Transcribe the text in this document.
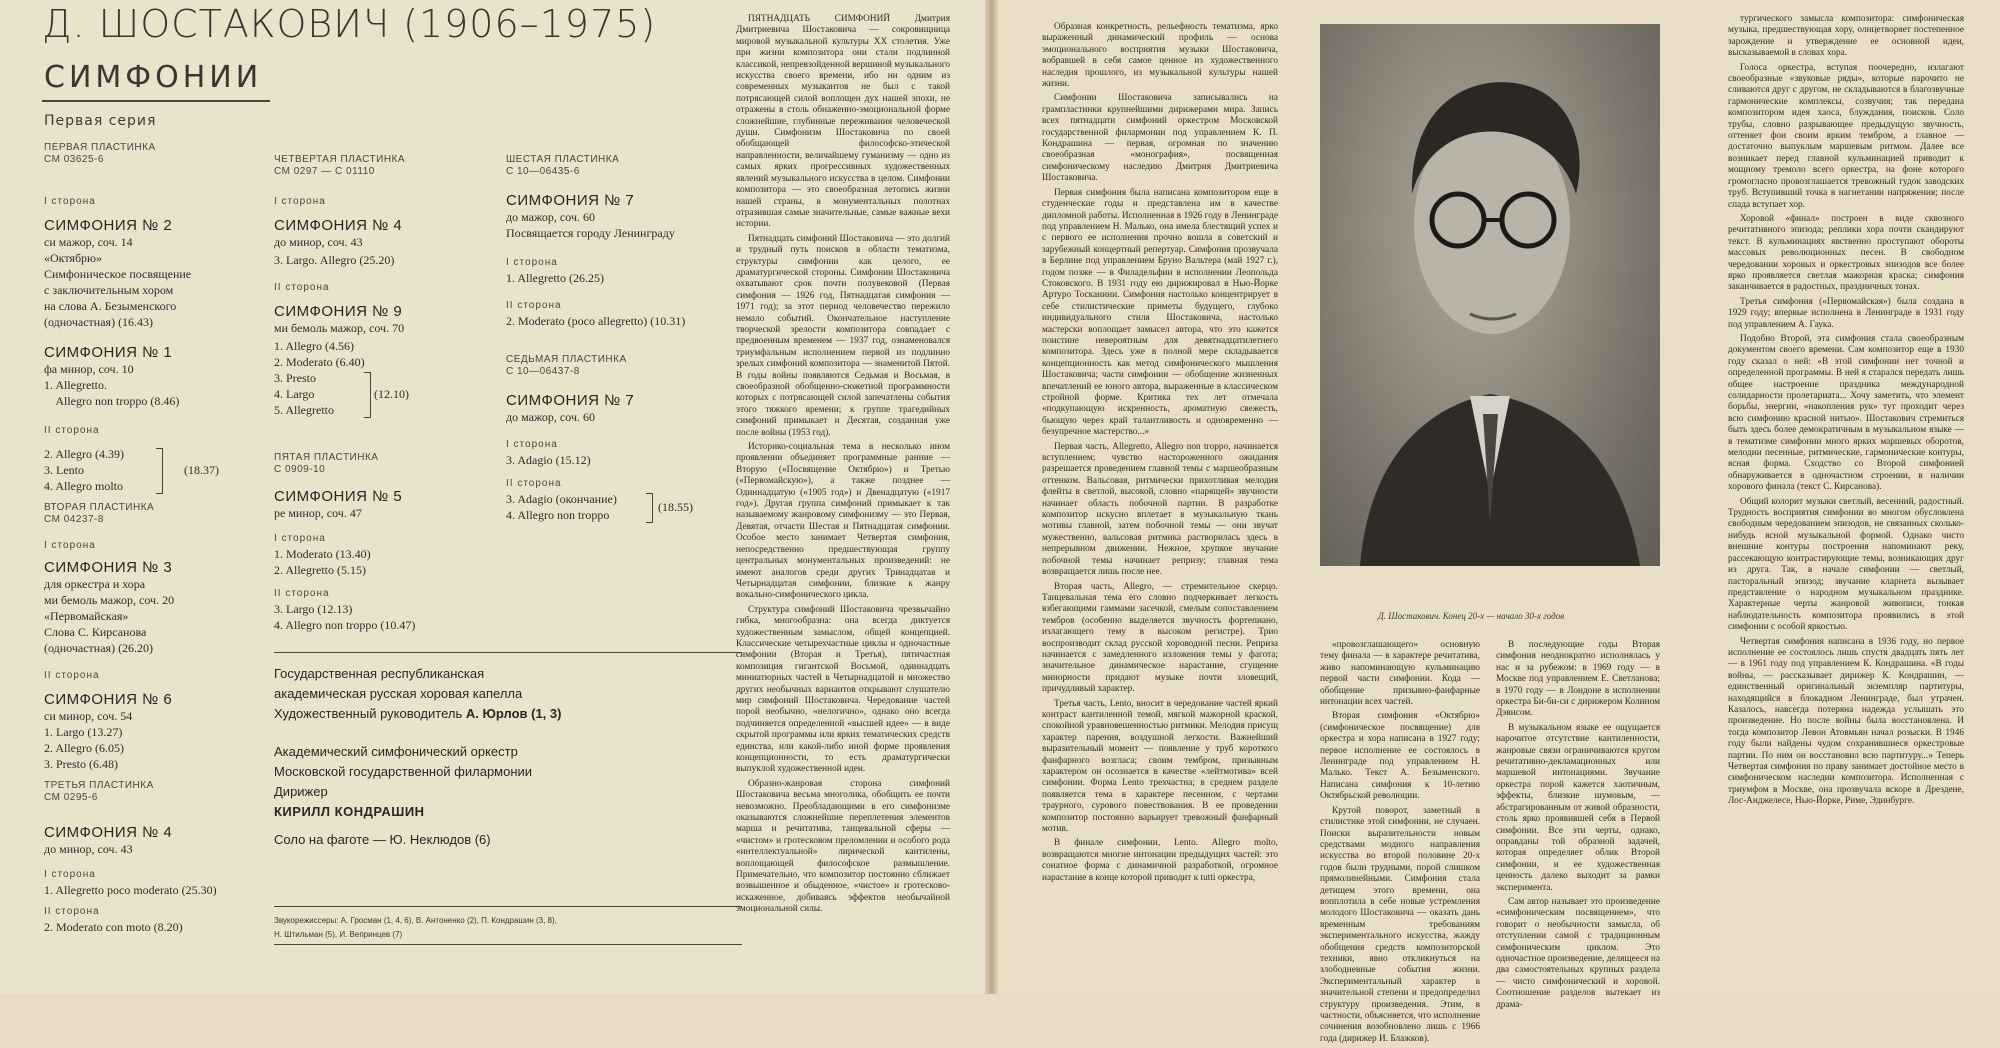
Д. ШОСТАКОВИЧ (1906–1975)
СИМФОНИИ
Первая серия
ПЕРВАЯ ПЛАСТИНКА
СМ 03625-6
I сторона
СИМФОНИЯ № 2
си мажор, соч. 14
«Октябрю»
Симфоническое посвящение
с заключительным хором
на слова А. Безыменского
(одночастная) (16.43)
СИМФОНИЯ № 1
фа минор, соч. 10
1. Allegretto.
Allegro non troppo (8.46)
II сторона
2. Allegro (4.39)
3. Lento
4. Allegro molto
(18.37)
ВТОРАЯ ПЛАСТИНКА
СМ 04237-8
I сторона
СИМФОНИЯ № 3
для оркестра и хора
ми бемоль мажор, соч. 20
«Первомайская»
Слова С. Кирсанова
(одночастная) (26.20)
II сторона
СИМФОНИЯ № 6
си минор, соч. 54
1. Largo (13.27)
2. Allegro (6.05)
3. Presto (6.48)
ТРЕТЬЯ ПЛАСТИНКА
СМ 0295-6
СИМФОНИЯ № 4
до минор, соч. 43
I сторона
1. Allegretto poco moderato (25.30)
II сторона
2. Moderato con moto (8.20)
ЧЕТВЕРТАЯ ПЛАСТИНКА
СМ 0297 — С 01110
I сторона
СИМФОНИЯ № 4
до минор, соч. 43
3. Largo. Allegro (25.20)
II сторона
СИМФОНИЯ № 9
ми бемоль мажор, соч. 70
1. Allegro (4.56)
2. Moderato (6.40)
3. Presto
4. Largo
5. Allegretto
(12.10)
ПЯТАЯ ПЛАСТИНКА
С 0909-10
СИМФОНИЯ № 5
ре минор, соч. 47
I сторона
1. Moderato (13.40)
2. Allegretto (5.15)
II сторона
3. Largo (12.13)
4. Allegro non troppo (10.47)
ШЕСТАЯ ПЛАСТИНКА
С 10—06435-6
СИМФОНИЯ № 7
до мажор, соч. 60
Посвящается городу Ленинграду
I сторона
1. Allegretto (26.25)
II сторона
2. Moderato (poco allegretto) (10.31)
СЕДЬМАЯ ПЛАСТИНКА
С 10—06437-8
СИМФОНИЯ № 7
до мажор, соч. 60
I сторона
3. Adagio (15.12)
II сторона
3. Adagio (окончание)
4. Allegro non troppo
(18.55)
Государственная республиканская
академическая русская хоровая капелла
Художественный руководитель А. Юрлов (1, 3)
Академический симфонический оркестр
Московской государственной филармонии
Дирижер
КИРИЛЛ КОНДРАШИН
Соло на фаготе — Ю. Неклюдов (6)
Звукорежиссеры: А. Гросман (1, 4, 6), В. Антоненко (2), П. Кондрашин (3, 8),
Н. Штильман (5), И. Вепринцев (7)

ПЯТНАДЦАТЬ СИМФОНИЙ Дмитрия Дмитриевича Шостаковича — сокровищница мировой музыкальной культуры XX столетия. Уже при жизни композитора они стали подлинной классикой, непревзойденной вершиной музыкального искусства своего времени, ибо ни одним из современных музыкантов не был с такой потрясающей силой воплощен дух нашей эпохи, не отражены в столь обнаженно-эмоциональной форме сложнейшие, глубинные переживания человеческой души. Симфонизм Шостаковича по своей обобщающей философско-этической направленности, величайшему гуманизму — одно из самых ярких прогрессивных художественных явлений музыкального искусства в целом. Симфонии композитора — это своеобразная летопись жизни нашей страны, в монументальных полотнах отразившая самые значительные, самые важные вехи истории.

Пятнадцать симфоний Шостаковича — это долгий и трудный путь поисков в области тематизма, структуры симфонии как целого, ее драматургической стороны. Симфонии Шостаковича охватывают срок почти полувековой (Первая симфония — 1926 год, Пятнадцатая симфония — 1971 год); за этот период человечество пережило немало событий. Окончательное наступление творческой зрелости композитора совпадает с предвоенным временем — 1937 год, ознаменовался триумфальным исполнением первой из подлинно зрелых симфоний композитора — знаменитой Пятой. В годы войны появляются Седьмая и Восьмая, в своеобразной обобщенно-сюжетной программности которых с потрясающей силой запечатлены события этого тяжкого времени; к группе трагедийных симфоний примыкает и Десятая, созданная уже после войны (1953 год).

Историко-социальная тема в несколько ином проявлении объединяет программные ранние — Вторую («Посвящение Октябрю») и Третью («Первомайскую»), а также позднее — Одиннадцатую («1905 год») и Двенадцатую («1917 год»). Другая группа симфоний примыкает к так называемому жанровому симфонизму — это Первая, Девятая, отчасти Шестая и Пятнадцатая симфонии. Особое место занимает Четвертая симфония, непосредственно предшествующая группу центральных монументальных произведений: не имеют аналогов среди других Тринадцатая и Четырнадцатая симфонии, близкие к жанру вокально-симфонического цикла.

Структура симфоний Шостаковича чрезвычайно гибка, многообразна: она всегда диктуется художественным замыслом, общей концепцией. Классические четырехчастные циклы и одночастные симфонии (Вторая и Третья), пятичастная композиция гигантской Восьмой, одиннадцать миниатюрных частей в Четырнадцатой и множество других необычных вариантов открывают слушателю мир симфоний Шостаковича. Чередование частей порой необычно, «нелогично», однако оно всегда подчиняется определенной «высшей идее» — в виде скрытой программы или ярких тематических средств единства, или какой-либо иной форме проявления концепционности, то есть драматургически выпуклой художественной идеи.

Образно-жанровая сторона симфоний Шостаковича весьма многолика, обобщить ее почти невозможно. Преобладающими в его симфонизме оказываются сложнейшие переплетения элементов марша и речитатива, танцевальной сферы — «чистом» и гротесковом преломлении и особого рода «интеллектуальной» лирической кантилены, воплощающей философское размышление. Примечательно, что композитор постоянно сближает возвышенное и обыденное, «чистое» и гротесково-искаженное, добиваясь эффектов необычайной эмоциональной силы.

Образная конкретность, рельефность тематизма, ярко выраженный динамический профиль — основа эмоционального восприятия музыки Шостаковича, вобравшей в себя самое ценное из художественного наследия прошлого, из музыкальной культуры нашей жизни.

Симфонии Шостаковича записывались на грампластинки крупнейшими дирижерами мира. Запись всех пятнадцати симфоний оркестром Московской государственной филармонии под управлением К. П. Кондрашина — первая, огромная по значению своеобразная «монография», посвященная симфоническому наследию Дмитрия Дмитриевича Шостаковича.

Первая симфония была написана композитором еще в студенческие годы и представлена им в качестве дипломной работы. Исполненная в 1926 году в Ленинграде под управлением Н. Малько, она имела блестящий успех и с первого ее исполнения прочно вошла в советский и зарубежный концертный репертуар. Симфония прозвучала в Берлине под управлением Бруно Вальтера (май 1927 г.), годом позже — в Филадельфии в исполнении Леопольда Стоковского. В 1931 году ею дирижировал в Нью-Йорке Артуро Тосканини. Симфония настолько концентрирует в себе стилистические приметы будущего, глубоко индивидуального стиля Шостаковича, настолько мастерски воплощает замысел автора, что это кажется поистине невероятным для девятнадцатилетнего композитора. Здесь уже в полной мере складывается концепционность как метод симфонического мышления Шостаковича; части симфонии — обобщение жизненных впечатлений ее юного автора, выраженные в классическом стройной форме. Критика тех лет отмечала «подкупающую искренность, ароматную свежесть, бьющую через край талантливость и одновременно — безупречное мастерство...»

Первая часть, Allegretto, Allegro non troppo, начинается вступлением; чувство настороженного ожидания разрешается проведением главной темы с маршеобразным оттенком. Вальсовая, ритмически прихотливая мелодия флейты в светлой, высокой, словно «парящей» звучности начинает область побочной партии. В разработке композитор искусно вплетает в музыкальную ткань мотивы главной, затем побочной темы — они звучат мужественно, вальсовая ритмика растворилась здесь в непрерывном движении. Нежное, хрупкое звучание побочной темы начинает репризу; главная тема возвращается лишь после нее.

Вторая часть, Allegro, — стремительное скерцо. Танцевальная тема его словно подчеркивает легкость взбегающими гаммами засечкой, смелым сопоставлением тембров (особенно выделяется звучность фортепиано, излагающего тему в высоком регистре). Трио воспроизводит склад русской хороводной песни. Реприза начинается с замедленного изложения темы у фагота; значительное динамическое нарастание, сгущение минорности придают музыке почти зловещий, причудливый характер.

Третья часть, Lento, вносит в чередование частей яркий контраст кантиленной темой, мягкой мажорной краской, спокойной уравновешенностью ритмики. Мелодия присущ характер парения, воздушной легкости. Важнейший выразительный момент — появление у труб короткого фанфарного возгласа; своим тембром, призывным характером он осознается в качестве «лейтмотива» всей симфонии. Форма Lento трехчастна; в среднем разделе появляется тема в характере песенном, с чертами траурного, сурового повествования. В ее проведении композитор постоянно варьирует тревожный фанфарный мотив.

В финале симфонии, Lento. Allegro molto, возвращаются многие интонации предыдущих частей: это сонатное форма с динамичной разработкой, огромное нарастание в конце которой приводит к tutti оркестра,

Д. Шостакович. Конец 20-х — начало 30-х годов

«провозглашающего» основную тему финала — в характере речитатива, живо напоминающую кульминацию первой части симфонии. Кода — обобщение призывно-фанфарные интонации всех частей.

Вторая симфония «Октябрю» (симфоническое посвящение) для оркестра и хора написана в 1927 году; первое исполнение ее состоялось в Ленинграде под управлением Н. Малько. Текст А. Безыменского. Написана симфония к 10-летию Октябрьской революции.

Крутой поворот, заметный в стилистике этой симфонии, не случаен. Поиски выразительности новым средствами модного направления искусства во второй половине 20-х годов были трудными, порой слишком прямолинейными. Симфония стала детищем этого времени, она вопплотила в себе новые устремления молодого Шостаковича — оказать дань временным требованиям экспериментального искусства, жажду обобщения средств композиторской техники, явно откликнуться на злободневные события жизни. Экспериментальный характер в значительной степени и предопределил структуру произведения. Этим, в частности, объясняется, что исполнение сочинения возобновлено лишь с 1966 года (дирижер И. Блажков).

В последующие годы Вторая симфония неоднократно исполнялась у нас и за рубежом: в 1969 году — в Москве под управлением Е. Светланова; в 1970 году — в Лондоне в исполнении оркестра Би-би-си с дирижером Колином Дэвисом.

В музыкальном языке ее ощущается нарочитое отсутствие кантиленности, жанровые связи ограничиваются кругом речитативно-декламационных или маршевой интонациями. Звучание оркестра порой кажется хаотичным, эффекты, близкие шумовым, — абстрагированным от живой образности, столь ярко проявившей себя в Первой симфонии. Все эти черты, однако, оправданы той образной задачей, которая определяет облик Второй симфонии, и ее художественная ценность далеко выходит за рамки эксперимента.

Сам автор называет это произведение «симфоническим посвящением», что говорит о необычности замысла, об отступлении самой с традиционным симфоническим циклом. Это одночастное произведение, делящееся на два самостоятельных крупных раздела — чисто симфонический и хоровой. Соотношение разделов вытекает из драма-

тургического замысла композитора: симфоническая музыка, предшествующая хору, олицетворяет постепенное зарождение и утверждение ее основной идеи, высказываемой в словах хора.

Голоса оркестра, вступая поочередно, излагают своеобразные «звуковые ряды», которые нарочито не сливаются друг с другом, не складываются в благозвучные гармонические комплексы, созвучия; так передана композитором идея хаоса, блуждания, поисков. Соло трубы, словно разрывающее предыдущую звучность, оттеняет фон своим ярким тембром, а главное — достаточно выпуклым маршевым ритмом. Далее все возникает перед главной кульминацией приводит к мощному тремоло всего оркестра, на фоне которого громогласно провозглашается тревожный гудок заводских труб. Вступивший точка в нагнетании напряжения; после спада вступает хор.

Хоровой «финал» построен в виде сквозного речитативного эпизода; реплики хора почти скандируют текст. В кульминациях явственно проступают обороты массовых революционных песен. В свободном чередовании хоровых и оркестровых эпизодов все более ярко проявляется светлая мажорная краска; симфония заканчивается в радостных, праздничных тонах.

Третья симфония («Первомайская») была создана в 1929 году; впервые исполнена в Ленинграде в 1931 году под управлением А. Гаука.

Подобно Второй, эта симфония стала своеобразным документом своего времени. Сам композитор еще в 1930 году сказал о ней: «В этой симфонии нет точной и определенной программы. В ней я старался передать лишь общее настроение праздника международной солидарности пролетариата... Хочу заметить, что элемент борьбы, энергии, «накопления рук» тут проходит через всю симфонию красной нитью». Шостакович стремиться быть здесь более демократичным в музыкальном языке — в тематизме симфонии много ярких маршевых оборотов, мелодии песенные, ритмические, гармонические контуры, ясная форма. Сходство со Второй симфонией обнаруживается в одночастном строении, в наличии хорового финала (текст С. Кирсанова).

Общий колорит музыки светлый, весенний, радостный. Трудность восприятия симфонии во многом обусловлена свободным чередованием эпизодов, не связанных сколько-нибудь ясной музыкальной формой. Однако чисто внешние контуры построения напоминают реку, рассекающую контрастирующие темы, возникающих друг из друга. Так, в начале симфонии — светлый, пасторальный эпизод; звучание кларнета вызывает представление о народном музыкальном празднике. Характерные черты жанровой живописи, тонкая наблюдательность композитора проявились в этой симфонии с особой яркостью.

Четвертая симфония написана в 1936 году, но первое исполнение ее состоялось лишь спустя двадцать пять лет — в 1961 году под управлением К. Кондрашина. «В годы войны, — рассказывает дирижер К. Кондрашин, — единственный оригинальный экземпляр партитуры, находящийся в блокадном Ленинграде, был утрачен. Казалось, навсегда потеряна надежда услышать это произведение. Но после войны была восстановлена. И тогда композитор Левон Атовмьян начал розыски. В 1946 году были найдены чудом сохранившиеся оркестровые партии. По ним он восстановил всю партитуру...» Теперь Четвертая симфония по праву занимает достойное место в симфоническом наследии композитора. Исполненная с триумфом в Москве, она прозвучала вскоре в Дрездене, Лос-Анджелесе, Нью-Йорке, Риме, Эдинбурге.
